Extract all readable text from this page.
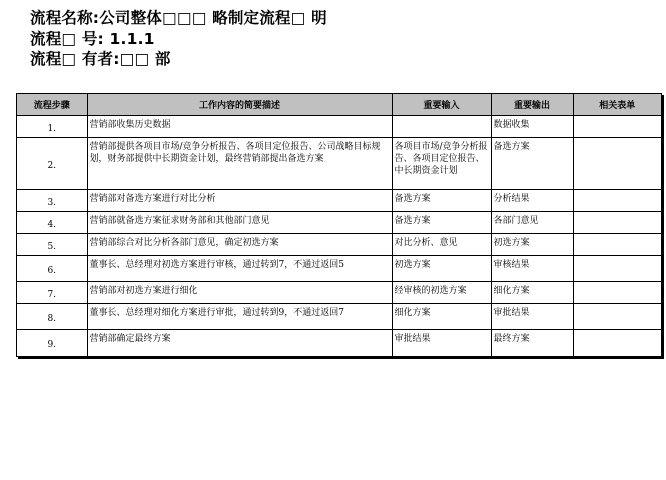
流程名称:公司整体□□□ 略制定流程□ 明
流程□ 号: 1.1.1
流程□ 有者:□□ 部
流程步骤	工作内容的简要描述	重要输入	重要输出	相关表单
1.	营销部收集历史数据		数据收集	
2.	营销部提供各项目市场/竞争分析报告、各项目定位报告、公司战略目标规划，财务部提供中长期资金计划，最终营销部提出备选方案	各项目市场/竞争分析报告、各项目定位报告、中长期资金计划	备选方案	
3.	营销部对备选方案进行对比分析	备选方案	分析结果	
4.	营销部就备选方案征求财务部和其他部门意见	备选方案	各部门意见	
5.	营销部综合对比分析各部门意见，确定初选方案	对比分析、意见	初选方案	
6.	董事长、总经理对初选方案进行审核，通过转到7，不通过返回5	初选方案	审核结果	
7.	营销部对初选方案进行细化	经审核的初选方案	细化方案	
8.	董事长、总经理对细化方案进行审批，通过转到9，不通过返回7	细化方案	审批结果	
9.	营销部确定最终方案	审批结果	最终方案	
